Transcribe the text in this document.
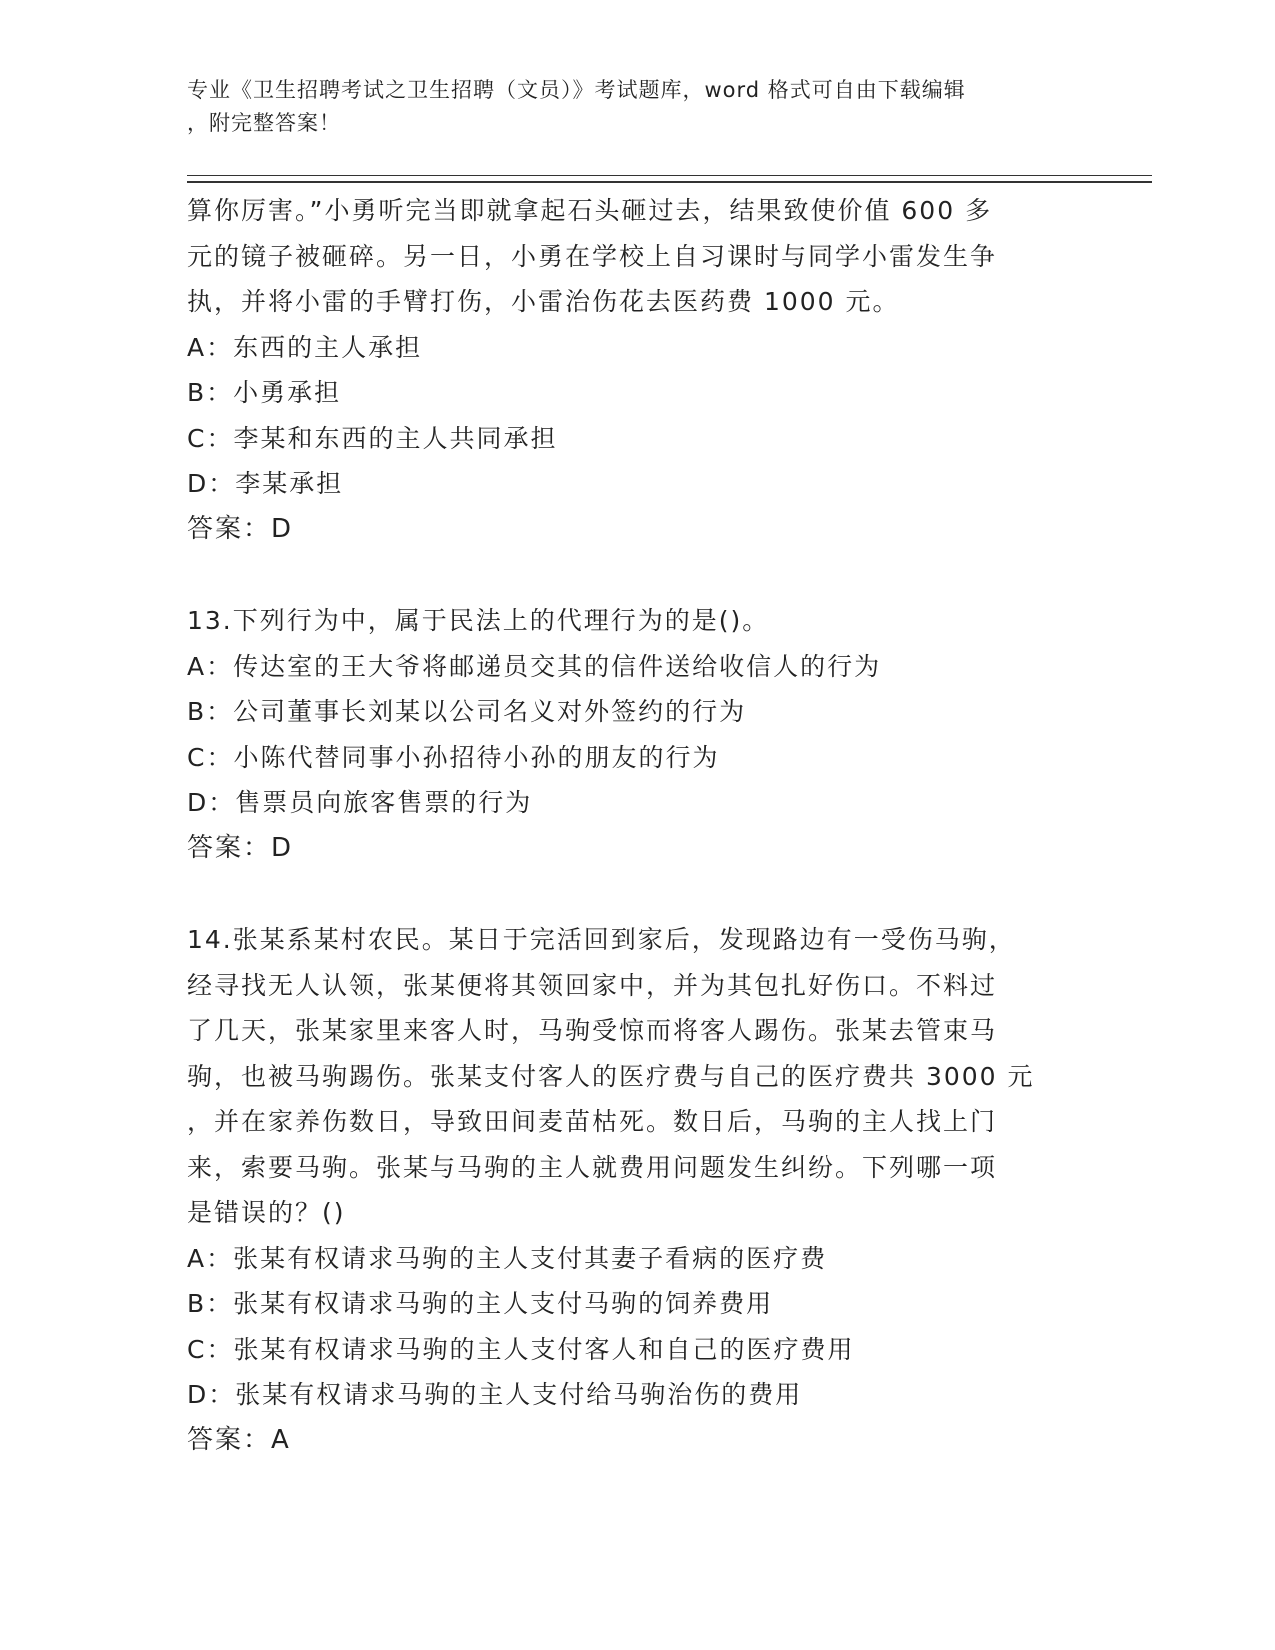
专业《卫生招聘考试之卫生招聘（文员）》考试题库，word 格式可自由下载编辑
，附完整答案！
算你厉害。”小勇听完当即就拿起石头砸过去，结果致使价值 600 多
元的镜子被砸碎。另一日，小勇在学校上自习课时与同学小雷发生争
执，并将小雷的手臂打伤，小雷治伤花去医药费 1000 元。
A：东西的主人承担
B：小勇承担
C：李某和东西的主人共同承担
D：李某承担
答案：D
13.下列行为中，属于民法上的代理行为的是()。
A：传达室的王大爷将邮递员交其的信件送给收信人的行为
B：公司董事长刘某以公司名义对外签约的行为
C：小陈代替同事小孙招待小孙的朋友的行为
D：售票员向旅客售票的行为
答案：D
14.张某系某村农民。某日于完活回到家后，发现路边有一受伤马驹，
经寻找无人认领，张某便将其领回家中，并为其包扎好伤口。不料过
了几天，张某家里来客人时，马驹受惊而将客人踢伤。张某去管束马
驹，也被马驹踢伤。张某支付客人的医疗费与自己的医疗费共 3000 元
，并在家养伤数日，导致田间麦苗枯死。数日后，马驹的主人找上门
来，索要马驹。张某与马驹的主人就费用问题发生纠纷。下列哪一项
是错误的？()
A：张某有权请求马驹的主人支付其妻子看病的医疗费
B：张某有权请求马驹的主人支付马驹的饲养费用
C：张某有权请求马驹的主人支付客人和自己的医疗费用
D：张某有权请求马驹的主人支付给马驹治伤的费用
答案：A
